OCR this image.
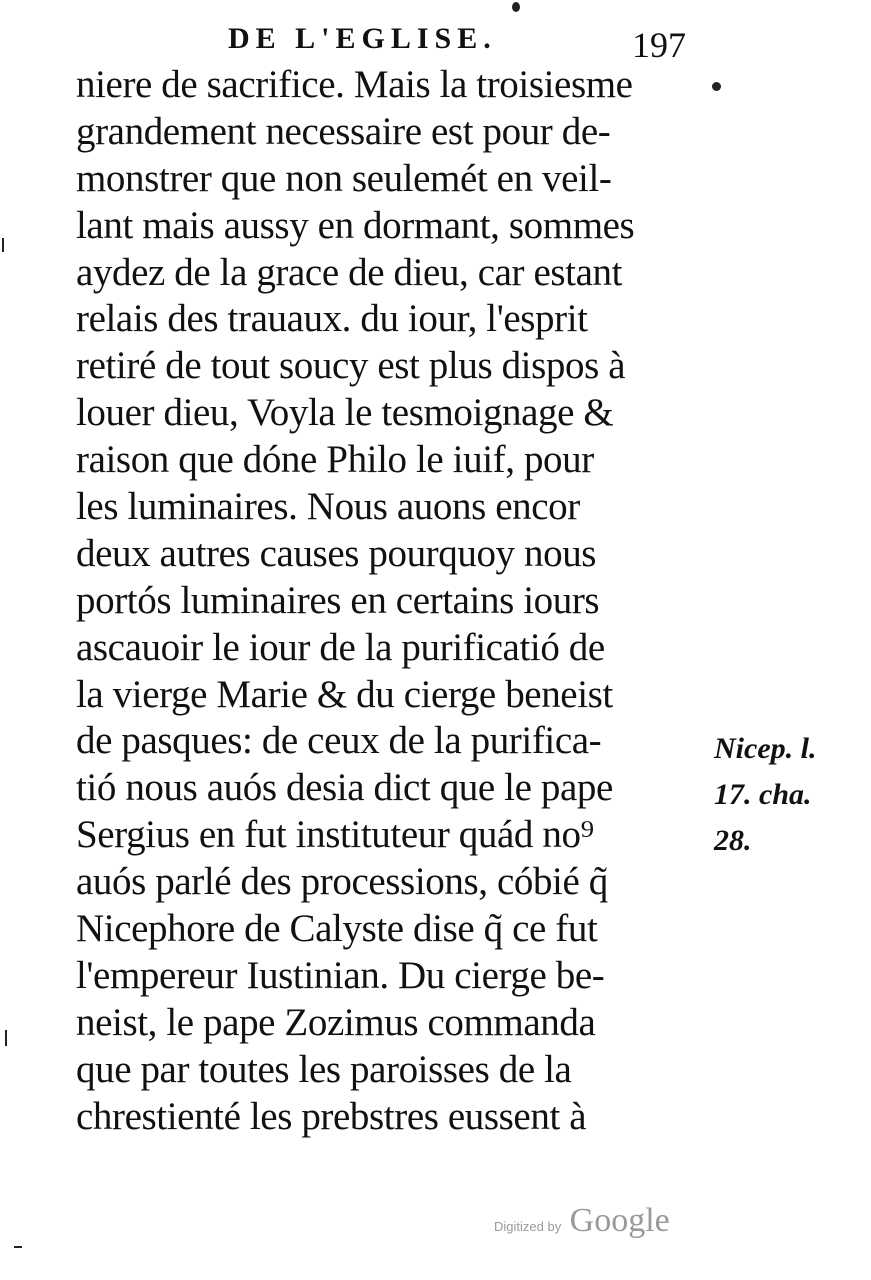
DE L'EGLISE.	197
niere de sacrifice. Mais la troisiesme
grandement necessaire est pour de-
monstrer que non seulemét en veil-
lant mais aussy en dormant, sommes
aydez de la grace de dieu, car estant
relais des trauaux. du iour, l'esprit
retiré de tout soucy est plus dispos à
louer dieu, Voyla le tesmoignage &
raison que dóne Philo le iuif, pour
les luminaires. Nous auons encor
deux autres causes pourquoy nous
portós luminaires en certains iours
ascauoir le iour de la purificatió de
la vierge Marie & du cierge beneist
de pasques: de ceux de la purifica-
tió nous auós desia dict que le pape
Sergius en fut instituteur quád no⁹
auós parlé des processions, cóbié q̃
Nicephore de Calyste dise q̃ ce fut
l'empereur Iustinian. Du cierge be-
neist, le pape Zozimus commanda
que par toutes les paroisses de la
chrestienté les prebstres eussent à
Nicep. l.
17. cha.
28.
Digitized by Google
